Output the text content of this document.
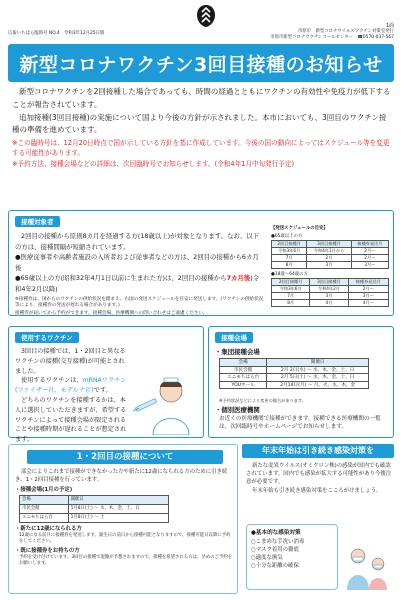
広報いちはら臨時号 NO.4　令和3年12月25日版
1面
市原市　新型コロナウイルスワクチン対策室発行
市原市新型コロナワクチンコールセンター　☎0570-037-567
新型コロナワクチン3回目接種のお知らせ

新型コロナワクチンを2回接種した場合であっても、時間の経過とともにワクチンの有効性や免疫力が低下することが報告されています。

追加接種(3回目接種)の実施について国より今後の方針が示されました。本市においても、3回目のワクチン接種の準備を進めています。

※この臨時号は、12月20日時点で国が示している方針を基に作成しています。今後の国の動向によってはスケジュール等を変更する可能性があります。
※予約方法、接種会場などの詳細は、次回臨時号でお知らせします。(令和4年1月中旬発行予定)
接種対象者

2回目の接種から原則8カ月を経過する方(18歳以上)が対象となります。なお、以下の方は、接種間隔が短縮されています。

●医療従事者や高齢者施設の入所者および従事者などの方は、2回目の接種から6カ月後

●65歳以上の方(昭和32年4月1日以前に生まれた方)は、2回目の接種から7カ月後(令和4年2月以降)

※接種券は、国からのワクチンの供給状況を踏まえ、右図の発送スケジュールを目安に発送します。(ワクチンの供給状況等により、接種券の発送が遅れる場合があります。)

接種券が届いてから予約ができます。接種会場、医療機関への問い合わせはご遠慮ください。

【発送スケジュールの目安】
●65歳以上の方
2回目接種月	3回目接種月	接種券発送月
令和3年6月	令和4年1月から	2月～
7月	2月	2月～
8月	3月	3月～
●18歳～64歳の方
2回目接種月	3回目接種月	接種券発送月
令和3年6月	令和4年2月	2月～
7月	3月	3月～
8月	4月	4月～
使用するワクチン

3回目の接種では、1・2回目と異なるワクチンの接種(交互接種)が可能とされました。

使用するワクチンは、mRNAワクチン(ファイザー社、モデルナ社)です。

どちらのワクチンを接種するかは、本人に選択していただきますが、希望するワクチンによって接種会場が限定されることや接種時期が遅れることが想定されます。

接種会場
・集団接種会場
会場	開催日
市民会館	2月 2日(水) ～ 水、木、金、土、日
ユニモちはら台	2月 5日(土) ～ 水、木、金、土、日
YOUホール	2月14日(月) ～ 月、火、水、木、金
※予約状況などにより変更の場合があります。
・個別医療機関
お近くの医療機関で接種ができます。接種できる医療機関の一覧は、次回臨時号やホームページでお知らせします。
1・2回目の接種について

部会によりこれまで接種ができなかった方や新たに12歳になられる方のために引き続き、1・2回目接種を行っています。

・接種会場(1月の予定)

会場	開催日
市民会館	1月8日(土) ～ 水、木、金、土、日
ユニモちはら台	1月8日(土) ～ 土

・新たに12歳になられる方

12歳になる前月に接種券を発送します。誕生日の前日から接種可能となりますので、接種可能日以降に予約をしてください。

・既に接種券をお持ちの方

予約を受け付けています。3回目の接種で混雑が予想されますので、接種を希望される方は、早めのご予約をお願いします。

年末年始は引き続き感染対策を

新たな変異ウイルス(オミクロン株)の感染が国内でも確認されています。国内でも感染が拡大する可能性があり今後注意が必要です。

年末年始も引き続き感染対策をこころがけましょう。

●基本的な感染対策
○こまめな手洗い消毒
○マスク着用の徹底
○適度な換気
○十分な距離の確保
